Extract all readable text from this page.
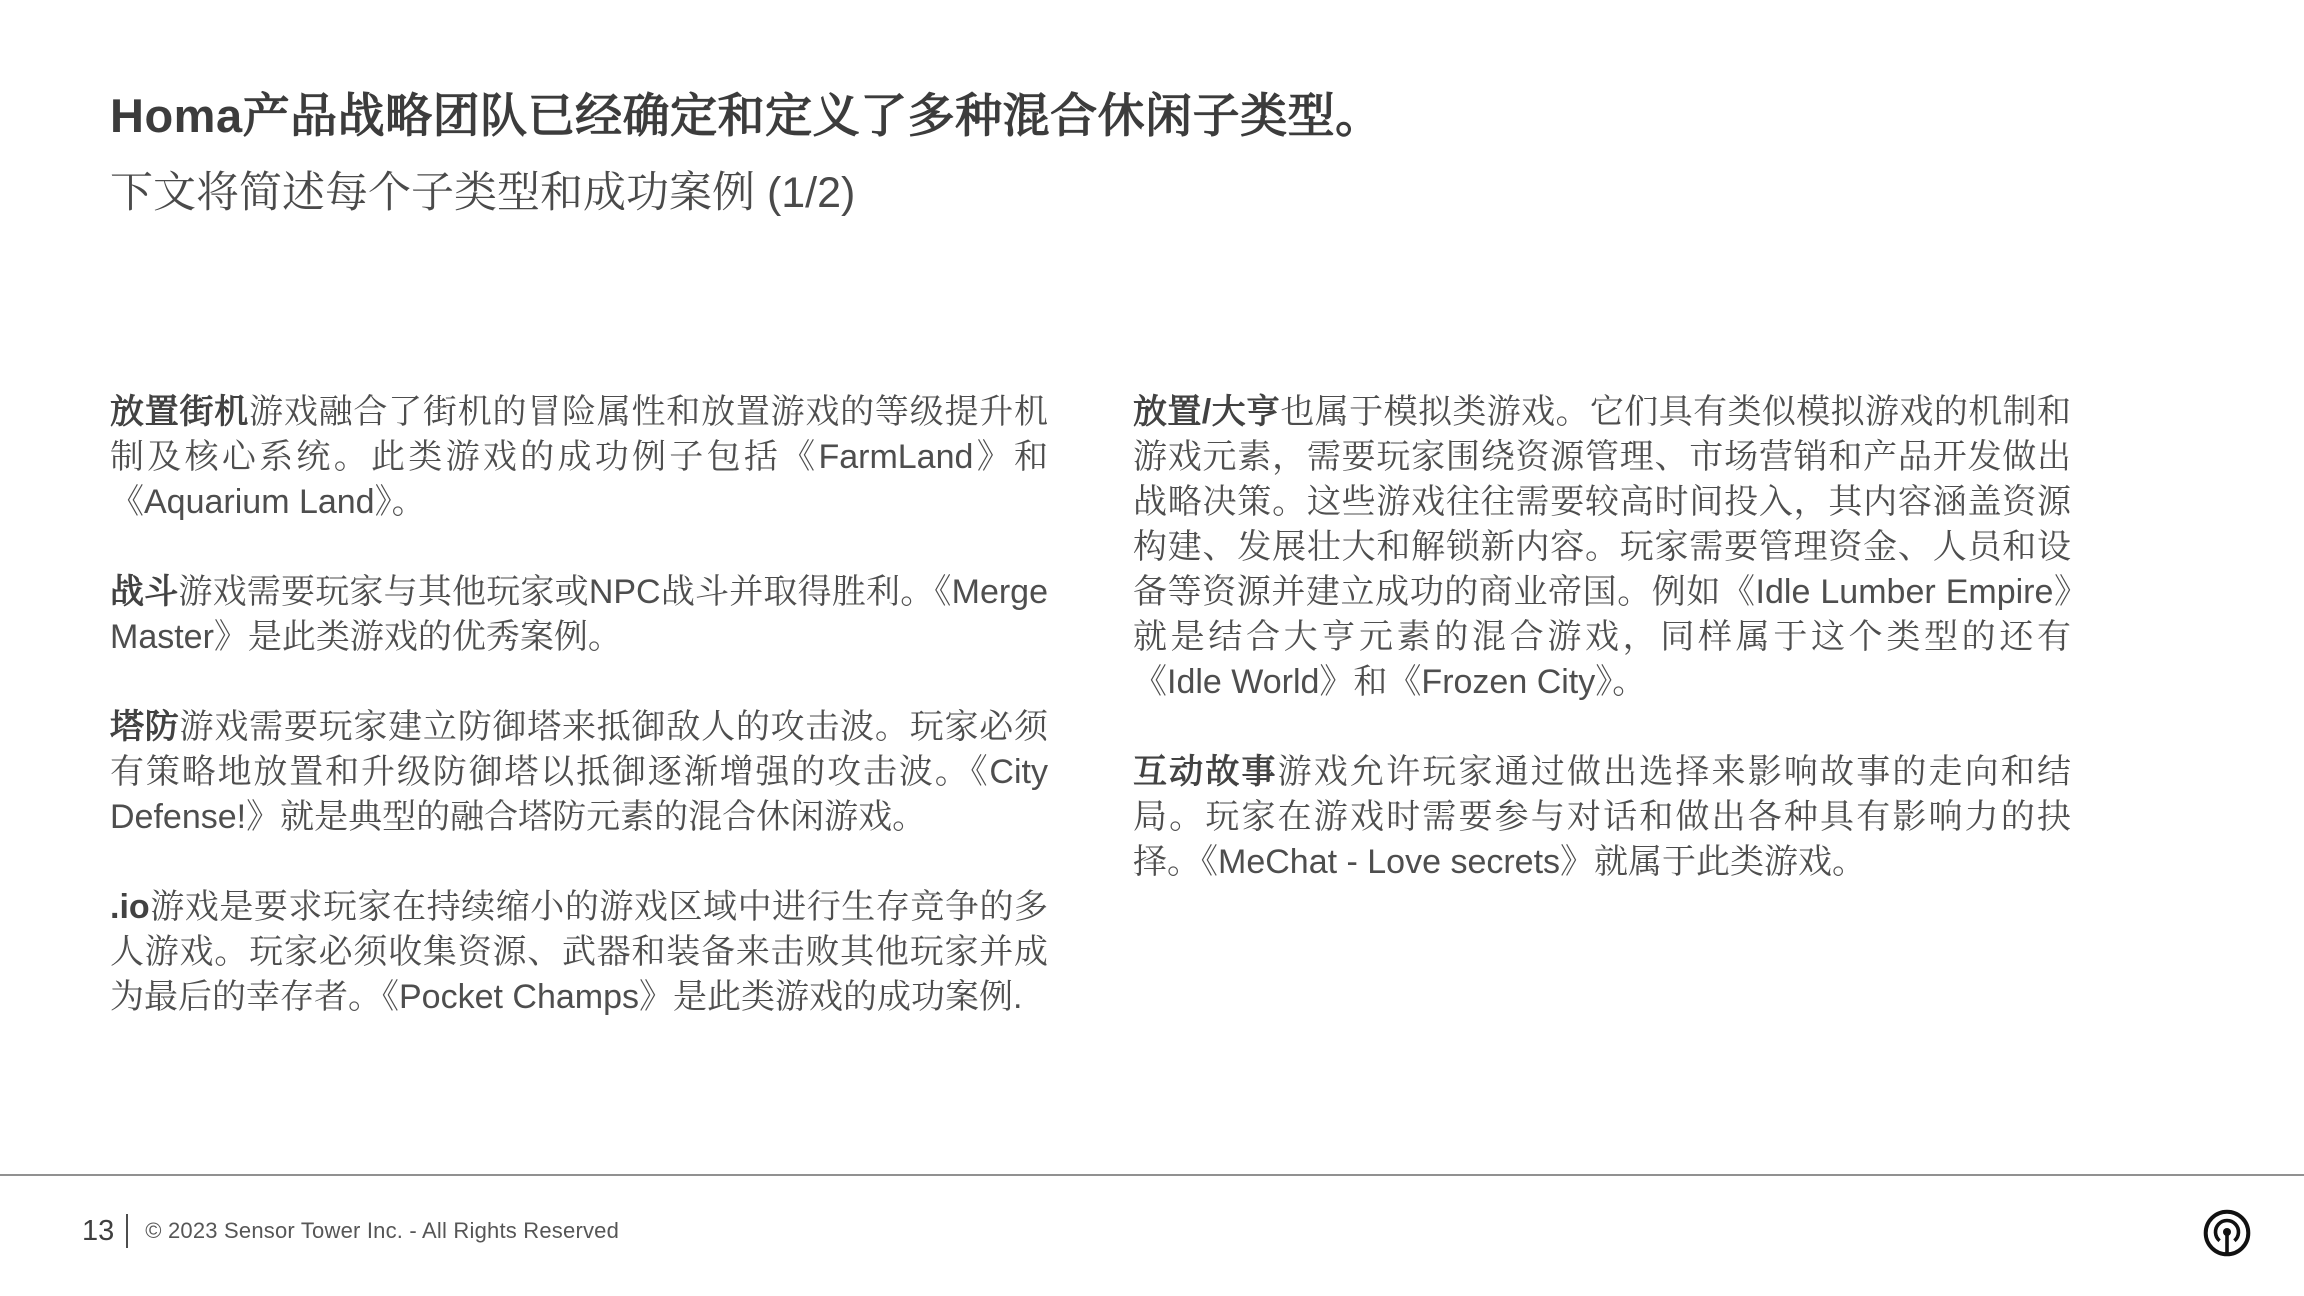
Homa产品战略团队已经确定和定义了多种混合休闲子类型。
下文将简述每个子类型和成功案例 (1/2)

放置街机游戏融合了街机的冒险属性和放置游戏的等级提升机制及核心系统。此类游戏的成功例子包括《FarmLand》和《Aquarium Land》。

战斗游戏需要玩家与其他玩家或NPC战斗并取得胜利。《Merge Master》是此类游戏的优秀案例。

塔防游戏需要玩家建立防御塔来抵御敌人的攻击波。玩家必须有策略地放置和升级防御塔以抵御逐渐增强的攻击波。《City Defense!》就是典型的融合塔防元素的混合休闲游戏。

.io游戏是要求玩家在持续缩小的游戏区域中进行生存竞争的多人游戏。玩家必须收集资源、武器和装备来击败其他玩家并成为最后的幸存者。《Pocket Champs》是此类游戏的成功案例.

放置/大亨也属于模拟类游戏。它们具有类似模拟游戏的机制和游戏元素，需要玩家围绕资源管理、市场营销和产品开发做出战略决策。这些游戏往往需要较高时间投入，其内容涵盖资源构建、发展壮大和解锁新内容。玩家需要管理资金、人员和设备等资源并建立成功的商业帝国。例如《Idle Lumber Empire》就是结合大亨元素的混合游戏，同样属于这个类型的还有《Idle World》和《Frozen City》。

互动故事游戏允许玩家通过做出选择来影响故事的走向和结局。玩家在游戏时需要参与对话和做出各种具有影响力的抉择。《MeChat - Love secrets》就属于此类游戏。

13 © 2023 Sensor Tower Inc. - All Rights Reserved
